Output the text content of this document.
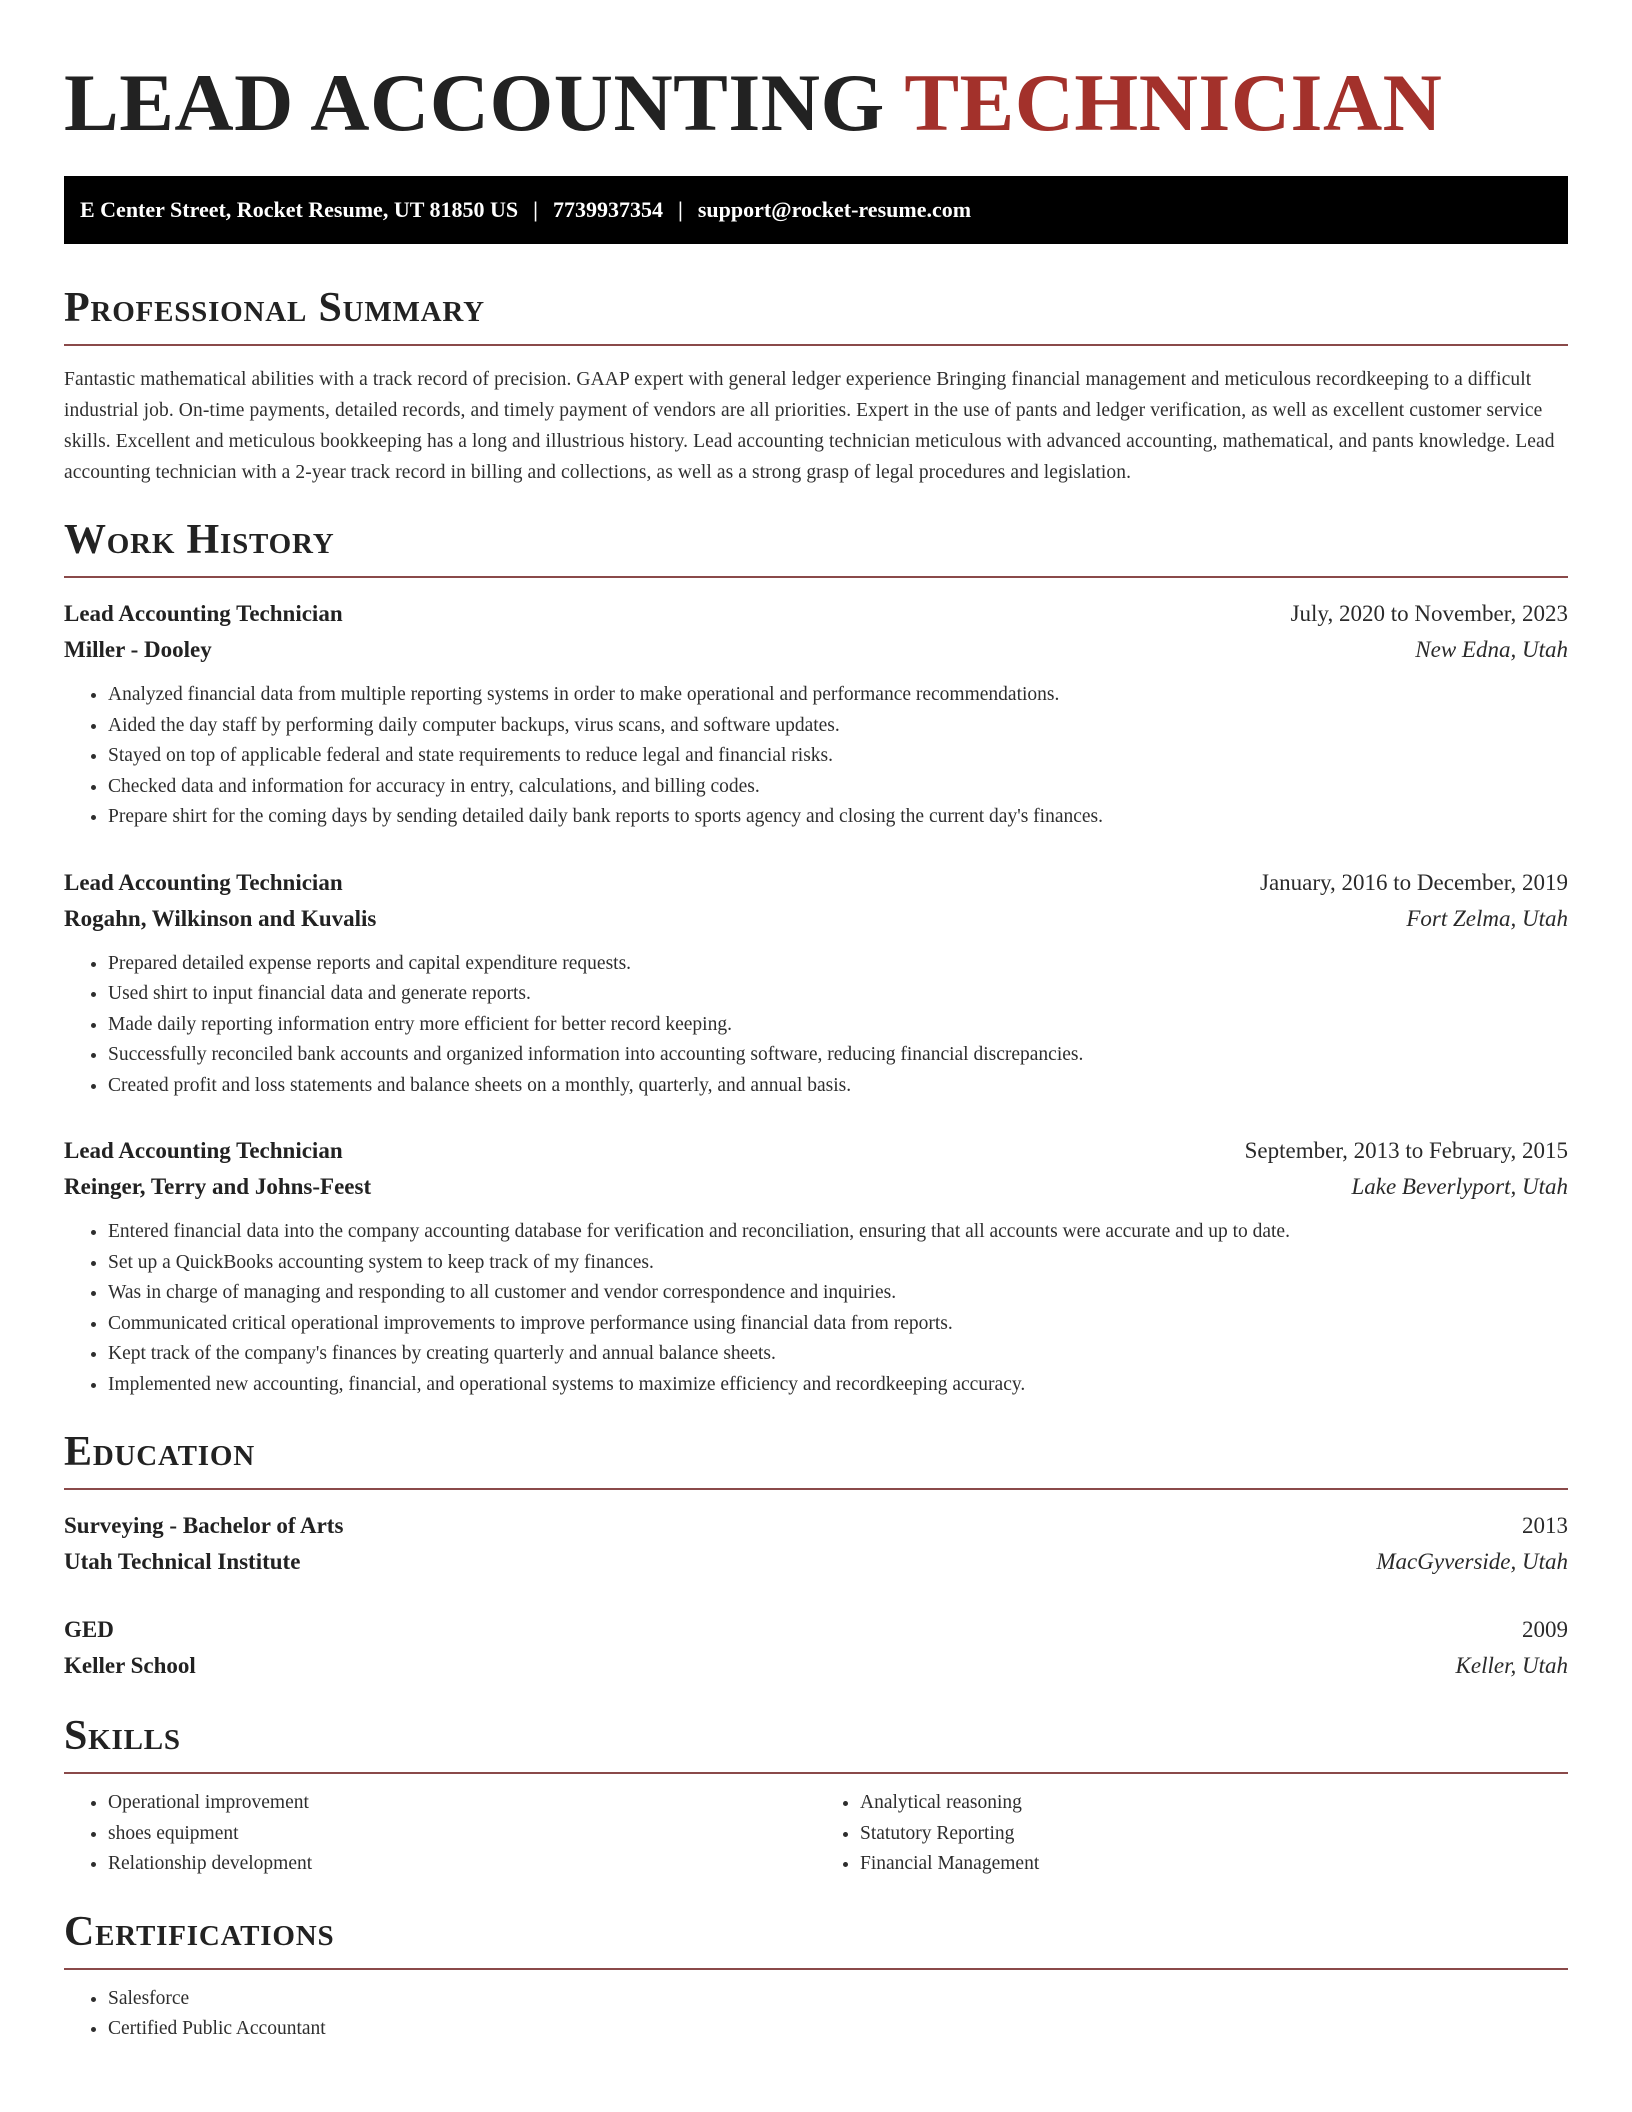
LEAD ACCOUNTING TECHNICIAN
E Center Street, Rocket Resume, UT 81850 US | 7739937354 | support@rocket-resume.com
Professional Summary

Fantastic mathematical abilities with a track record of precision. GAAP expert with general ledger experience Bringing financial management and meticulous recordkeeping to a difficult industrial job. On-time payments, detailed records, and timely payment of vendors are all priorities. Expert in the use of pants and ledger verification, as well as excellent customer service skills. Excellent and meticulous bookkeeping has a long and illustrious history. Lead accounting technician meticulous with advanced accounting, mathematical, and pants knowledge. Lead accounting technician with a 2-year track record in billing and collections, as well as a strong grasp of legal procedures and legislation.

Work History
Lead Accounting Technician	July, 2020 to November, 2023
Miller - Dooley	New Edna, Utah
• Analyzed financial data from multiple reporting systems in order to make operational and performance recommendations.
• Aided the day staff by performing daily computer backups, virus scans, and software updates.
• Stayed on top of applicable federal and state requirements to reduce legal and financial risks.
• Checked data and information for accuracy in entry, calculations, and billing codes.
• Prepare shirt for the coming days by sending detailed daily bank reports to sports agency and closing the current day's finances.
Lead Accounting Technician	January, 2016 to December, 2019
Rogahn, Wilkinson and Kuvalis	Fort Zelma, Utah
• Prepared detailed expense reports and capital expenditure requests.
• Used shirt to input financial data and generate reports.
• Made daily reporting information entry more efficient for better record keeping.
• Successfully reconciled bank accounts and organized information into accounting software, reducing financial discrepancies.
• Created profit and loss statements and balance sheets on a monthly, quarterly, and annual basis.
Lead Accounting Technician	September, 2013 to February, 2015
Reinger, Terry and Johns-Feest	Lake Beverlyport, Utah
• Entered financial data into the company accounting database for verification and reconciliation, ensuring that all accounts were accurate and up to date.
• Set up a QuickBooks accounting system to keep track of my finances.
• Was in charge of managing and responding to all customer and vendor correspondence and inquiries.
• Communicated critical operational improvements to improve performance using financial data from reports.
• Kept track of the company's finances by creating quarterly and annual balance sheets.
• Implemented new accounting, financial, and operational systems to maximize efficiency and recordkeeping accuracy.
Education
Surveying - Bachelor of Arts	2013
Utah Technical Institute	MacGyverside, Utah
GED	2009
Keller School	Keller, Utah
Skills
• Operational improvement
• shoes equipment
• Relationship development
• Analytical reasoning
• Statutory Reporting
• Financial Management
Certifications
• Salesforce
• Certified Public Accountant
